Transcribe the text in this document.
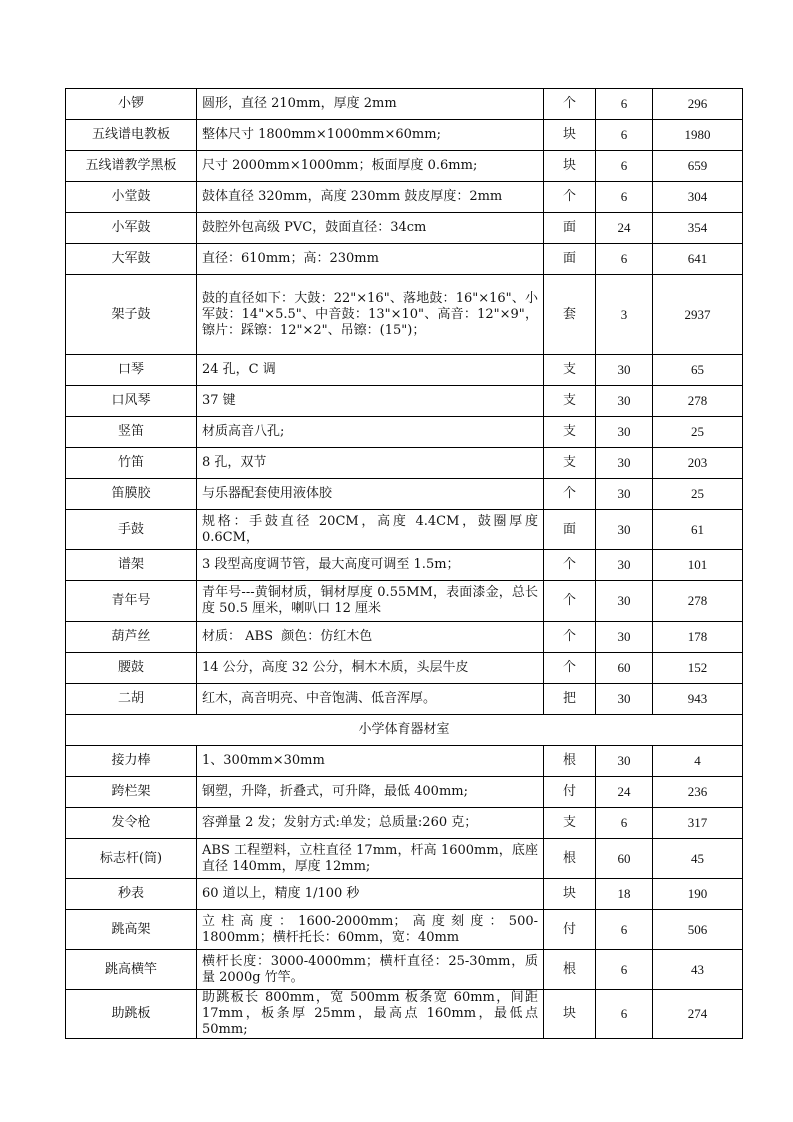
小锣	圆形，直径 210mm，厚度 2mm	个	6	296
五线谱电教板	整体尺寸 1800mm×1000mm×60mm;	块	6	1980
五线谱教学黑板	尺寸 2000mm×1000mm；板面厚度 0.6mm;	块	6	659
小堂鼓	鼓体直径 320mm，高度 230mm 鼓皮厚度：2mm	个	6	304
小军鼓	鼓腔外包高级 PVC，鼓面直径：34cm	面	24	354
大军鼓	直径：610mm；高：230mm	面	6	641
架子鼓	鼓的直径如下：大鼓：22"×16"、落地鼓：16"×16"、小军鼓：14"×5.5"、中音鼓：13"×10"、高音：12"×9"，镲片：踩镲：12"×2"、吊镲：(15")；	套	3	2937
口琴	24 孔，C 调	支	30	65
口风琴	37 键	支	30	278
竖笛	材质高音八孔;	支	30	25
竹笛	8 孔，双节	支	30	203
笛膜胶	与乐器配套使用液体胶	个	30	25
手鼓	规格：手鼓直径 20CM，高度 4.4CM，鼓圈厚度 0.6CM，	面	30	61
谱架	3 段型高度调节管，最大高度可调至 1.5m；	个	30	101
青年号	青年号---黄铜材质，铜材厚度 0.55MM，表面漆金，总长度 50.5 厘米，喇叭口 12 厘米	个	30	278
葫芦丝	材质： ABS  颜色：仿红木色	个	30	178
腰鼓	14 公分，高度 32 公分，桐木木质，头层牛皮	个	60	152
二胡	红木，高音明亮、中音饱满、低音浑厚。	把	30	943
小学体育器材室				
接力棒	1、300mm×30mm	根	30	4
跨栏架	钢塑，升降，折叠式，可升降，最低 400mm;	付	24	236
发令枪	容弹量 2 发；发射方式:单发；总质量:260 克；	支	6	317
标志杆(筒)	ABS 工程塑料，立柱直径 17mm，杆高 1600mm，底座直径 140mm，厚度 12mm;	根	60	45
秒表	60 道以上，精度 1/100 秒	块	18	190
跳高架	立柱高度：1600-2000mm；高度刻度：500-1800mm；横杆托长：60mm，宽：40mm	付	6	506
跳高横竿	横杆长度：3000-4000mm；横杆直径：25-30mm，质量 2000g 竹竿。	根	6	43
助跳板	助跳板长 800mm，宽 500mm 板条宽 60mm，间距 17mm，板条厚 25mm，最高点 160mm，最低点 50mm;	块	6	274
